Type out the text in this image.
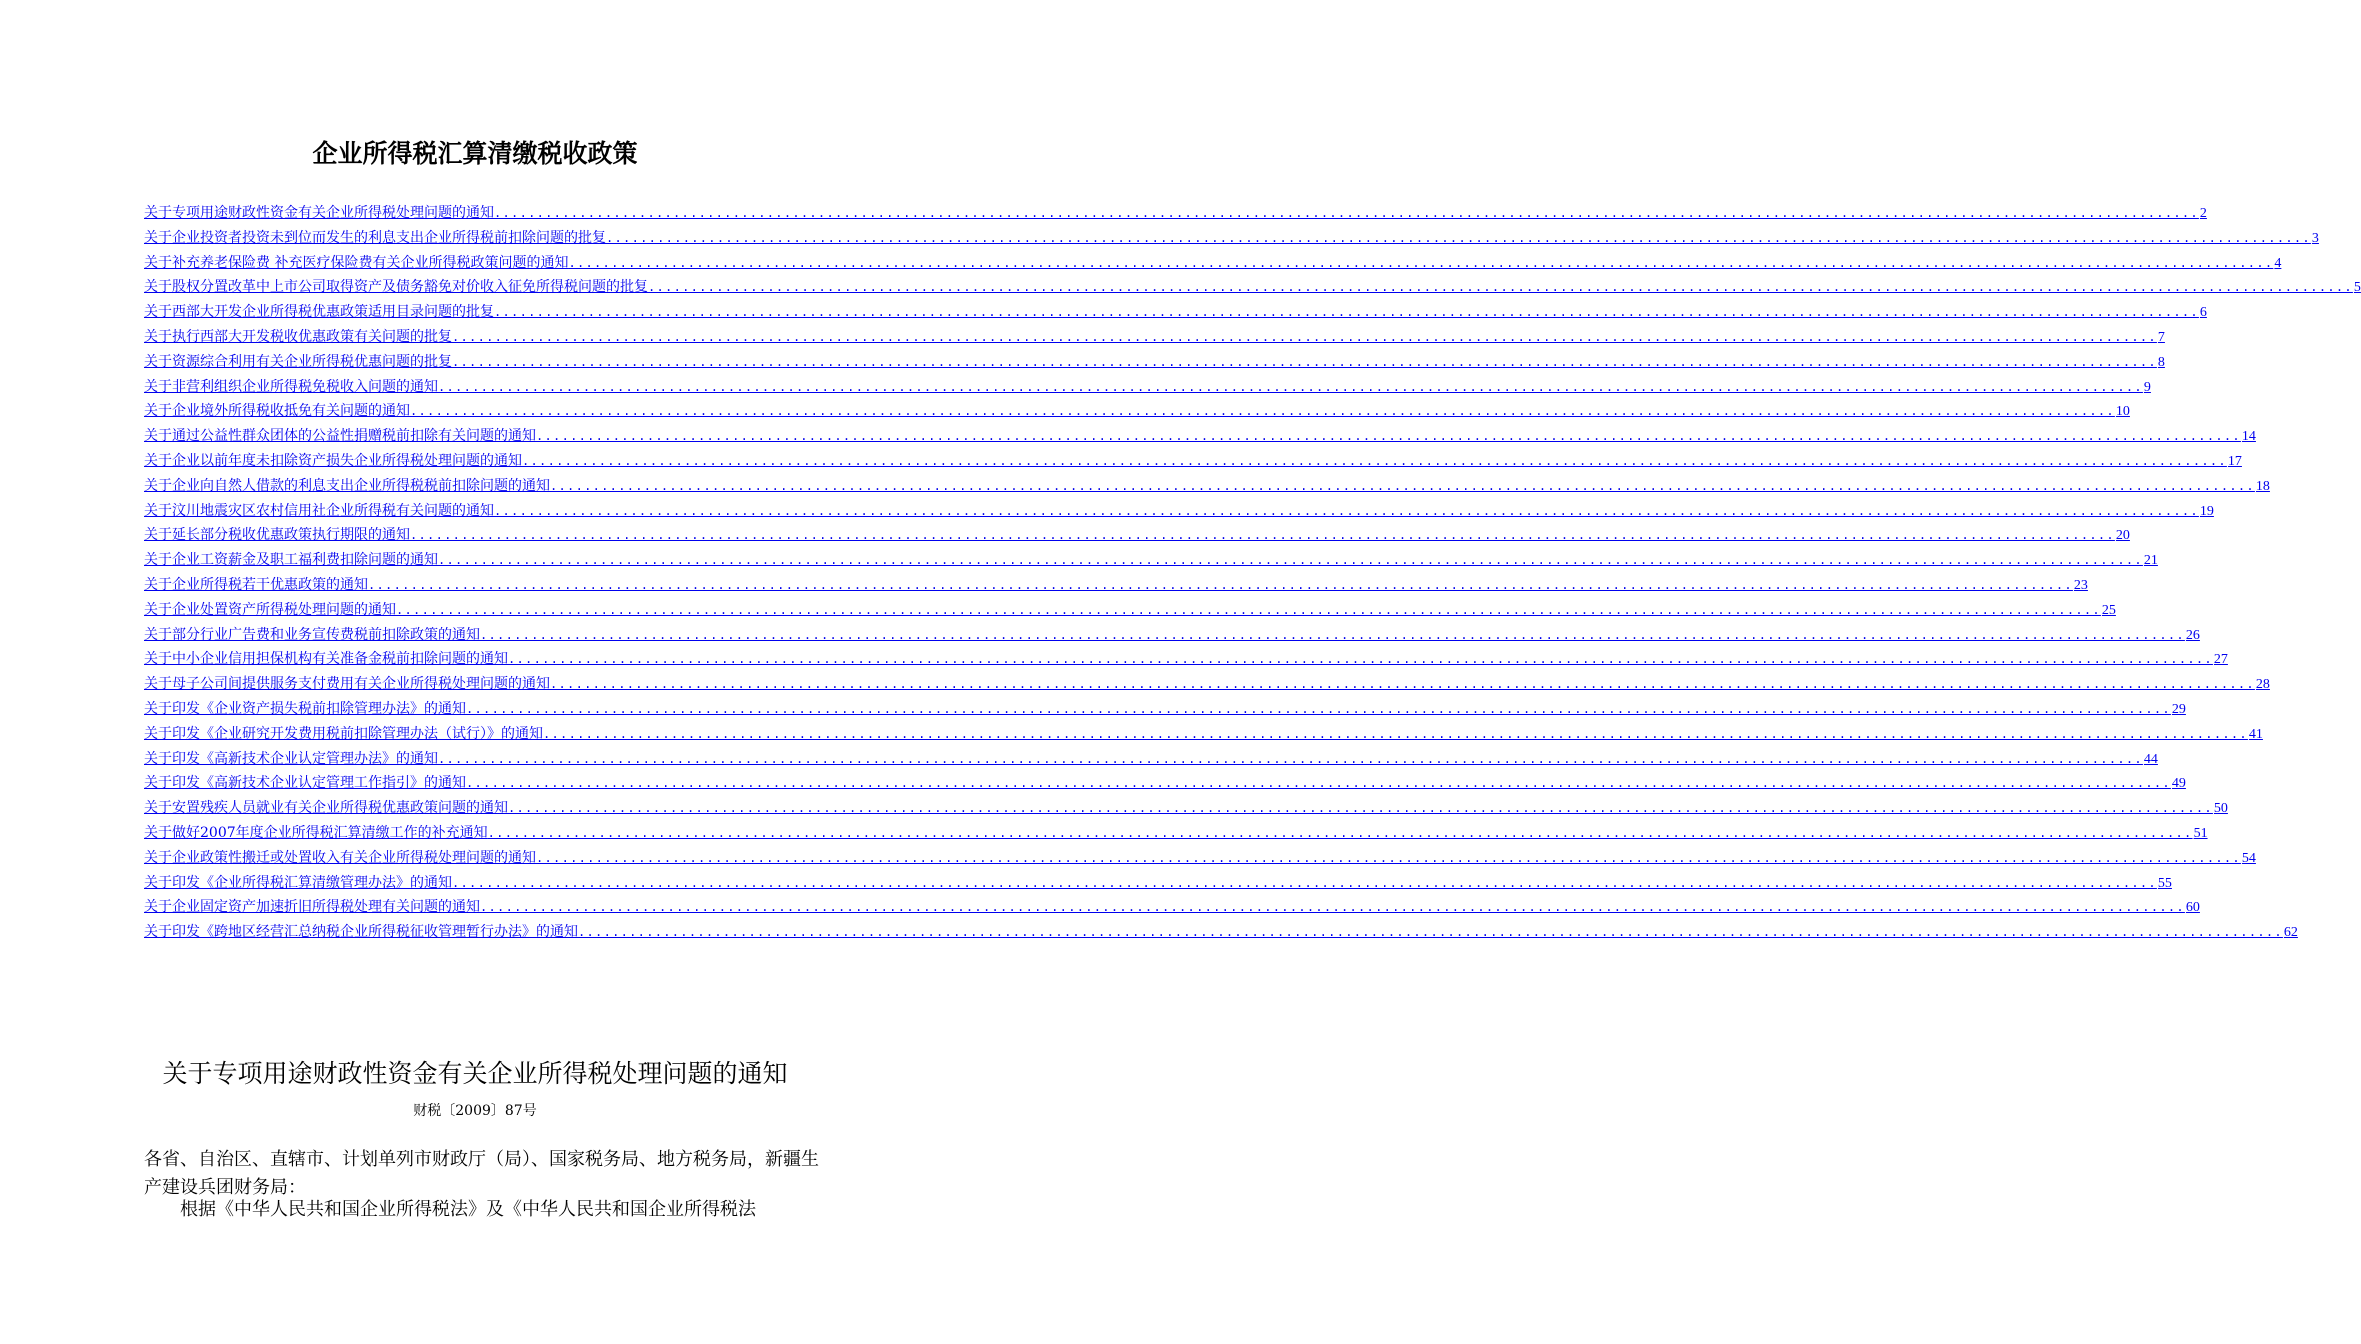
企业所得税汇算清缴税收政策
关于专项用途财政性资金有关企业所得税处理问题的通知 ........................................................................................................................................................................................................ 2
关于企业投资者投资未到位而发生的利息支出企业所得税前扣除问题的批复 ........................................................................................................................................................................................................ 3
关于补充养老保险费 补充医疗保险费有关企业所得税政策问题的通知 ........................................................................................................................................................................................................ 4
关于股权分置改革中上市公司取得资产及债务豁免对价收入征免所得税问题的批复 ........................................................................................................................................................................................................ 5
关于西部大开发企业所得税优惠政策适用目录问题的批复 ........................................................................................................................................................................................................ 6
关于执行西部大开发税收优惠政策有关问题的批复 ........................................................................................................................................................................................................ 7
关于资源综合利用有关企业所得税优惠问题的批复 ........................................................................................................................................................................................................ 8
关于非营利组织企业所得税免税收入问题的通知 ........................................................................................................................................................................................................ 9
关于企业境外所得税收抵免有关问题的通知 ........................................................................................................................................................................................................ 10
关于通过公益性群众团体的公益性捐赠税前扣除有关问题的通知 ........................................................................................................................................................................................................ 14
关于企业以前年度未扣除资产损失企业所得税处理问题的通知 ........................................................................................................................................................................................................ 17
关于企业向自然人借款的利息支出企业所得税税前扣除问题的通知 ........................................................................................................................................................................................................ 18
关于汶川地震灾区农村信用社企业所得税有关问题的通知 ........................................................................................................................................................................................................ 19
关于延长部分税收优惠政策执行期限的通知 ........................................................................................................................................................................................................ 20
关于企业工资薪金及职工福利费扣除问题的通知 ........................................................................................................................................................................................................ 21
关于企业所得税若干优惠政策的通知 ........................................................................................................................................................................................................ 23
关于企业处置资产所得税处理问题的通知 ........................................................................................................................................................................................................ 25
关于部分行业广告费和业务宣传费税前扣除政策的通知 ........................................................................................................................................................................................................ 26
关于中小企业信用担保机构有关准备金税前扣除问题的通知 ........................................................................................................................................................................................................ 27
关于母子公司间提供服务支付费用有关企业所得税处理问题的通知 ........................................................................................................................................................................................................ 28
关于印发《企业资产损失税前扣除管理办法》的通知 ........................................................................................................................................................................................................ 29
关于印发《企业研究开发费用税前扣除管理办法（试行）》的通知 ........................................................................................................................................................................................................ 41
关于印发《高新技术企业认定管理办法》的通知 ........................................................................................................................................................................................................ 44
关于印发《高新技术企业认定管理工作指引》的通知 ........................................................................................................................................................................................................ 49
关于安置残疾人员就业有关企业所得税优惠政策问题的通知 ........................................................................................................................................................................................................ 50
关于做好2007年度企业所得税汇算清缴工作的补充通知 ........................................................................................................................................................................................................ 51
关于企业政策性搬迁或处置收入有关企业所得税处理问题的通知 ........................................................................................................................................................................................................ 54
关于印发《企业所得税汇算清缴管理办法》的通知 ........................................................................................................................................................................................................ 55
关于企业固定资产加速折旧所得税处理有关问题的通知 ........................................................................................................................................................................................................ 60
关于印发《跨地区经营汇总纳税企业所得税征收管理暂行办法》的通知 ........................................................................................................................................................................................................ 62
关于专项用途财政性资金有关企业所得税处理问题的通知
财税〔2009〕87号
各省、自治区、直辖市、计划单列市财政厅（局）、国家税务局、地方税务局，新疆生产建设兵团财务局：
根据《中华人民共和国企业所得税法》及《中华人民共和国企业所得税法
